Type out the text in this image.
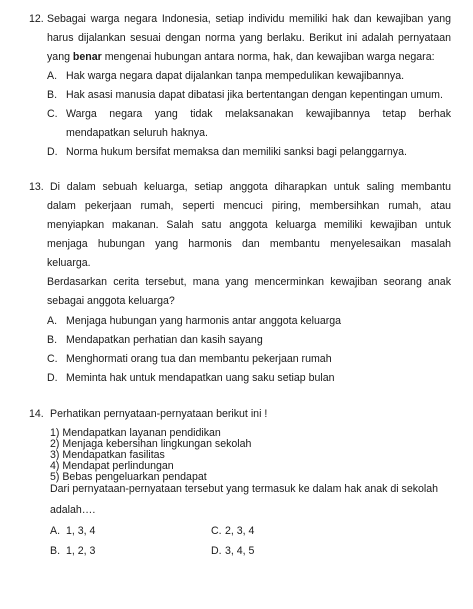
12. Sebagai warga negara Indonesia, setiap individu memiliki hak dan kewajiban yang
harus dijalankan sesuai dengan norma yang berlaku. Berikut ini adalah pernyataan
yang benar mengenai hubungan antara norma, hak, dan kewajiban warga negara:
A. Hak warga negara dapat dijalankan tanpa mempedulikan kewajibannya.
B. Hak asasi manusia dapat dibatasi jika bertentangan dengan kepentingan umum.
C. Warga negara yang tidak melaksanakan kewajibannya tetap berhak
mendapatkan seluruh haknya.
D. Norma hukum bersifat memaksa dan memiliki sanksi bagi pelanggarnya.
13. Di dalam sebuah keluarga, setiap anggota diharapkan untuk saling membantu
dalam pekerjaan rumah, seperti mencuci piring, membersihkan rumah, atau
menyiapkan makanan. Salah satu anggota keluarga memiliki kewajiban untuk
menjaga hubungan yang harmonis dan membantu menyelesaikan masalah
keluarga.
Berdasarkan cerita tersebut, mana yang mencerminkan kewajiban seorang anak
sebagai anggota keluarga?
A. Menjaga hubungan yang harmonis antar anggota keluarga
B. Mendapatkan perhatian dan kasih sayang
C. Menghormati orang tua dan membantu pekerjaan rumah
D. Meminta hak untuk mendapatkan uang saku setiap bulan
14. Perhatikan pernyataan-pernyataan berikut ini !
1) Mendapatkan layanan pendidikan
2) Menjaga kebersihan lingkungan sekolah
3) Mendapatkan fasilitas
4) Mendapat perlindungan
5) Bebas pengeluarkan pendapat
Dari pernyataan-pernyataan tersebut yang termasuk ke dalam hak anak di sekolah
adalah….
A. 1, 3, 4
B. 1, 2, 3
C. 2, 3, 4
D. 3, 4, 5
